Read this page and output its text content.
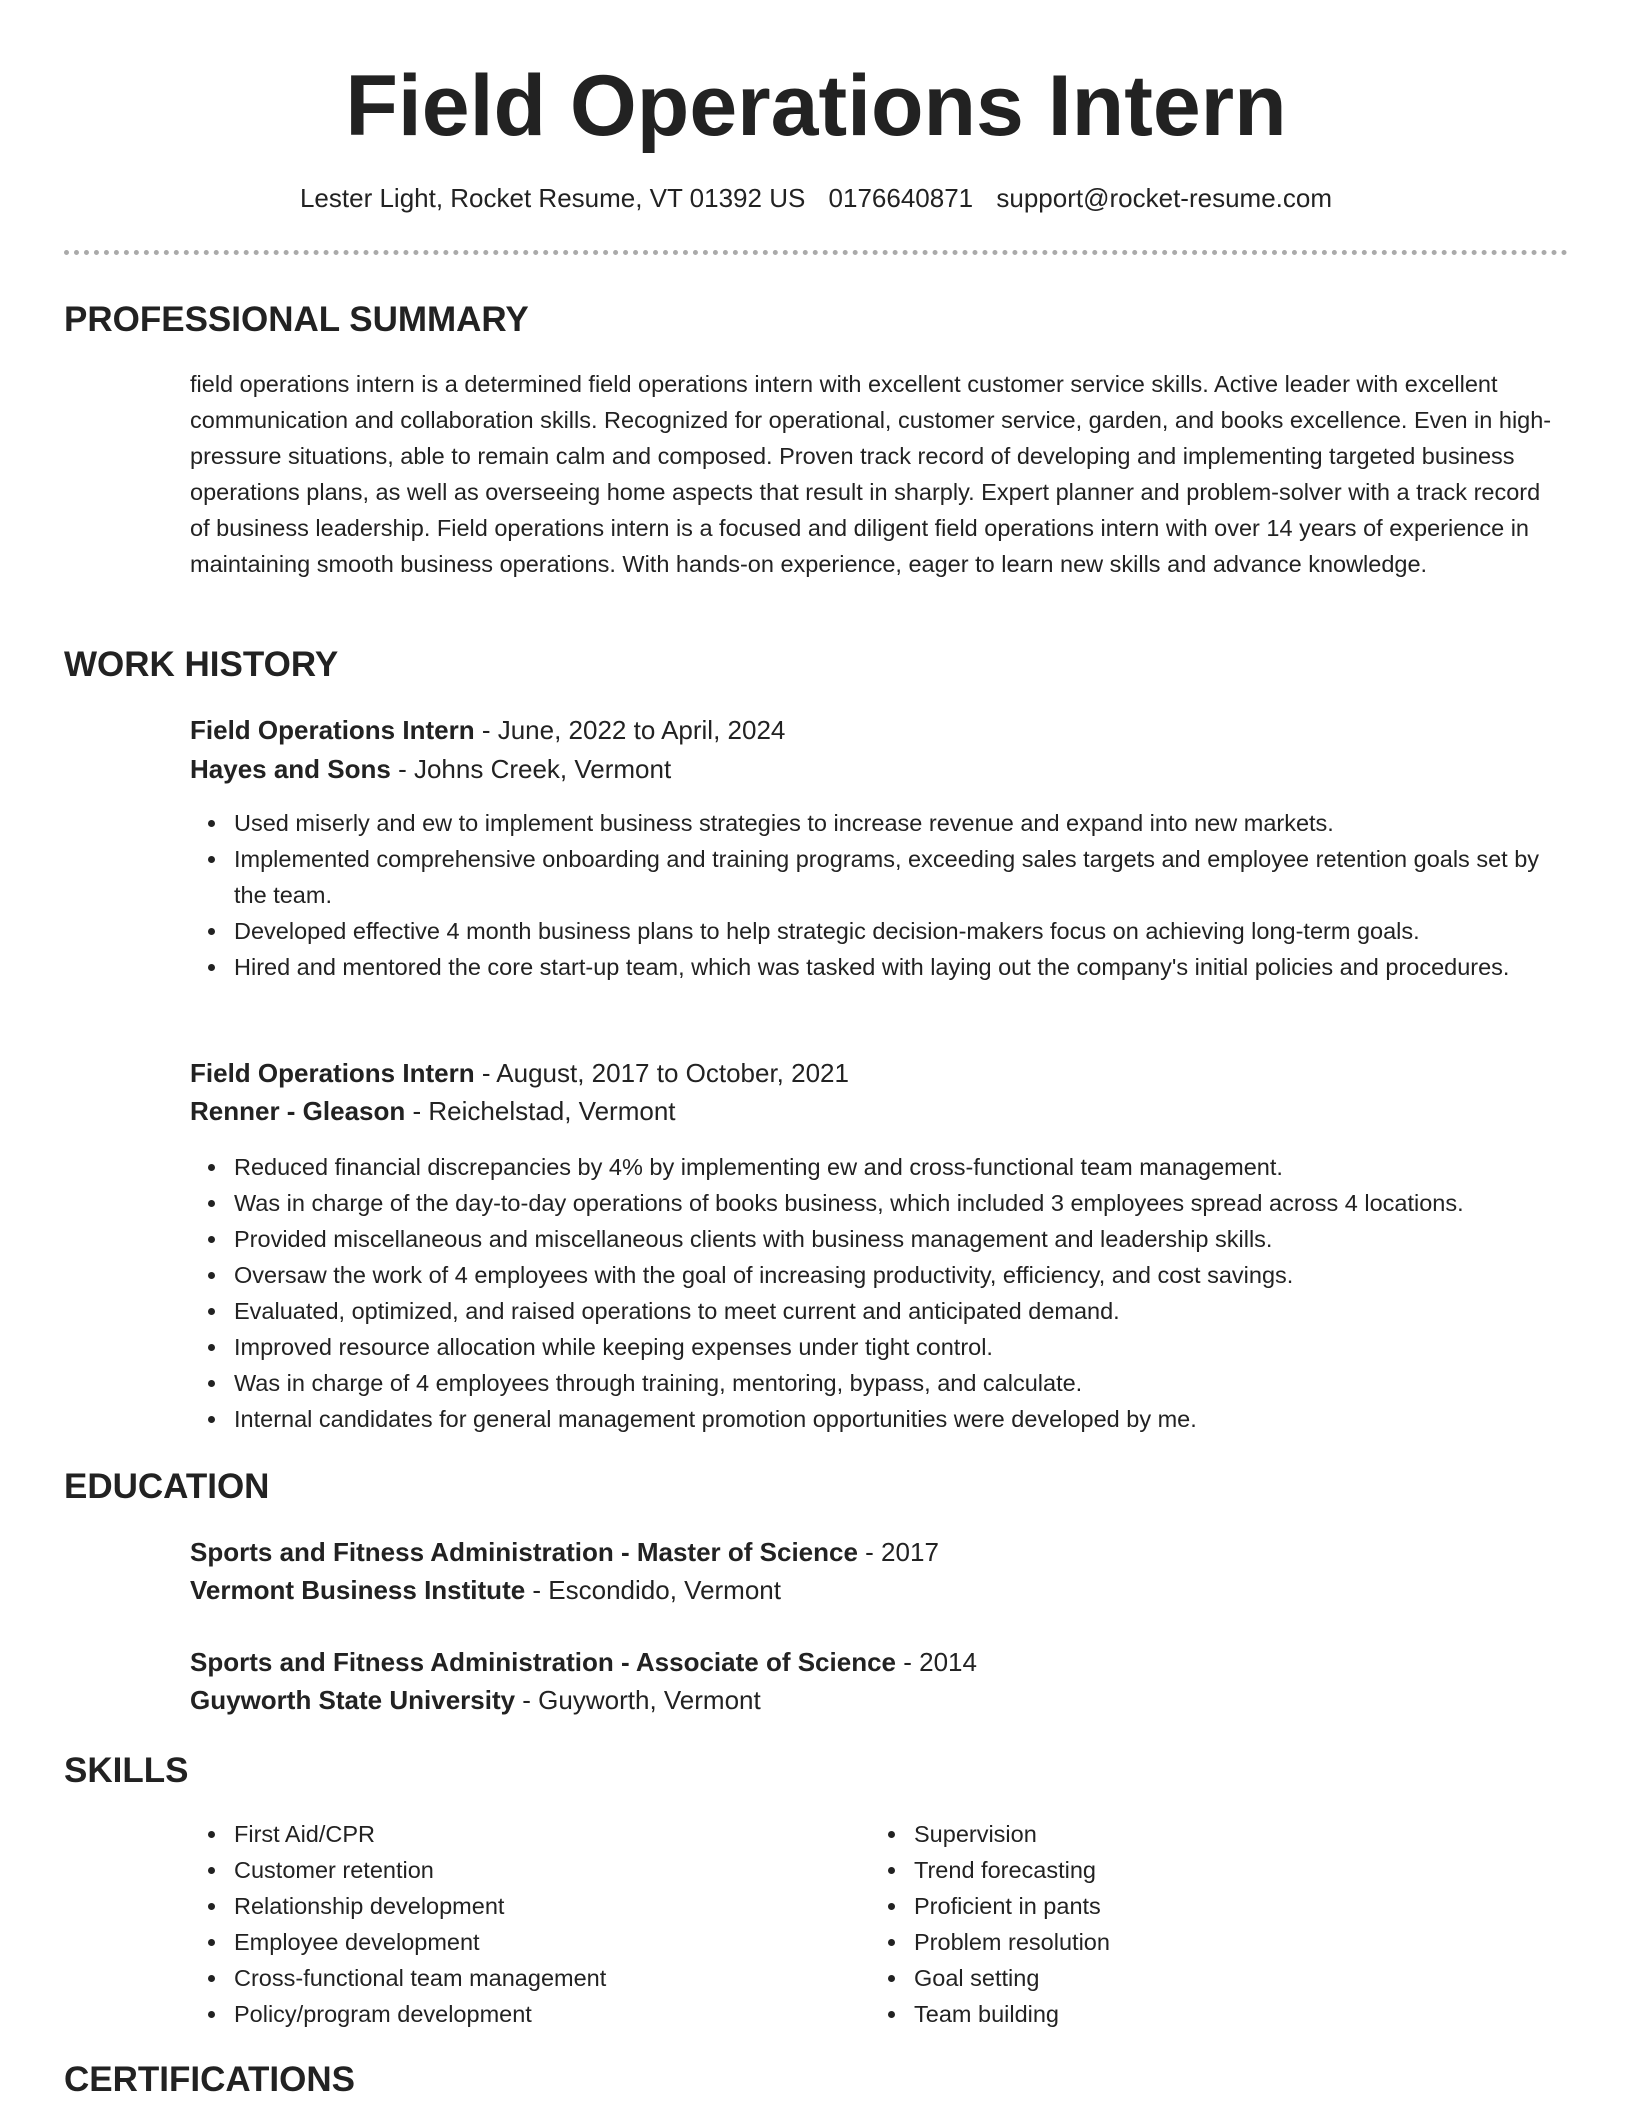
Field Operations Intern
Lester Light, Rocket Resume, VT 01392 US 0176640871 support@rocket-resume.com
PROFESSIONAL SUMMARY

field operations intern is a determined field operations intern with excellent customer service skills. Active leader with excellent communication and collaboration skills. Recognized for operational, customer service, garden, and books excellence. Even in high-pressure situations, able to remain calm and composed. Proven track record of developing and implementing targeted business operations plans, as well as overseeing home aspects that result in sharply. Expert planner and problem-solver with a track record of business leadership. Field operations intern is a focused and diligent field operations intern with over 14 years of experience in maintaining smooth business operations. With hands-on experience, eager to learn new skills and advance knowledge.

WORK HISTORY
Field Operations Intern - June, 2022 to April, 2024
Hayes and Sons - Johns Creek, Vermont
Used miserly and ew to implement business strategies to increase revenue and expand into new markets.
Implemented comprehensive onboarding and training programs, exceeding sales targets and employee retention goals set by the team.
Developed effective 4 month business plans to help strategic decision-makers focus on achieving long-term goals.
Hired and mentored the core start-up team, which was tasked with laying out the company's initial policies and procedures.
Field Operations Intern - August, 2017 to October, 2021
Renner - Gleason - Reichelstad, Vermont
Reduced financial discrepancies by 4% by implementing ew and cross-functional team management.
Was in charge of the day-to-day operations of books business, which included 3 employees spread across 4 locations.
Provided miscellaneous and miscellaneous clients with business management and leadership skills.
Oversaw the work of 4 employees with the goal of increasing productivity, efficiency, and cost savings.
Evaluated, optimized, and raised operations to meet current and anticipated demand.
Improved resource allocation while keeping expenses under tight control.
Was in charge of 4 employees through training, mentoring, bypass, and calculate.
Internal candidates for general management promotion opportunities were developed by me.
EDUCATION
Sports and Fitness Administration - Master of Science - 2017
Vermont Business Institute - Escondido, Vermont
Sports and Fitness Administration - Associate of Science - 2014
Guyworth State University - Guyworth, Vermont
SKILLS
First Aid/CPR
Customer retention
Relationship development
Employee development
Cross-functional team management
Policy/program development
Supervision
Trend forecasting
Proficient in pants
Problem resolution
Goal setting
Team building
CERTIFICATIONS
